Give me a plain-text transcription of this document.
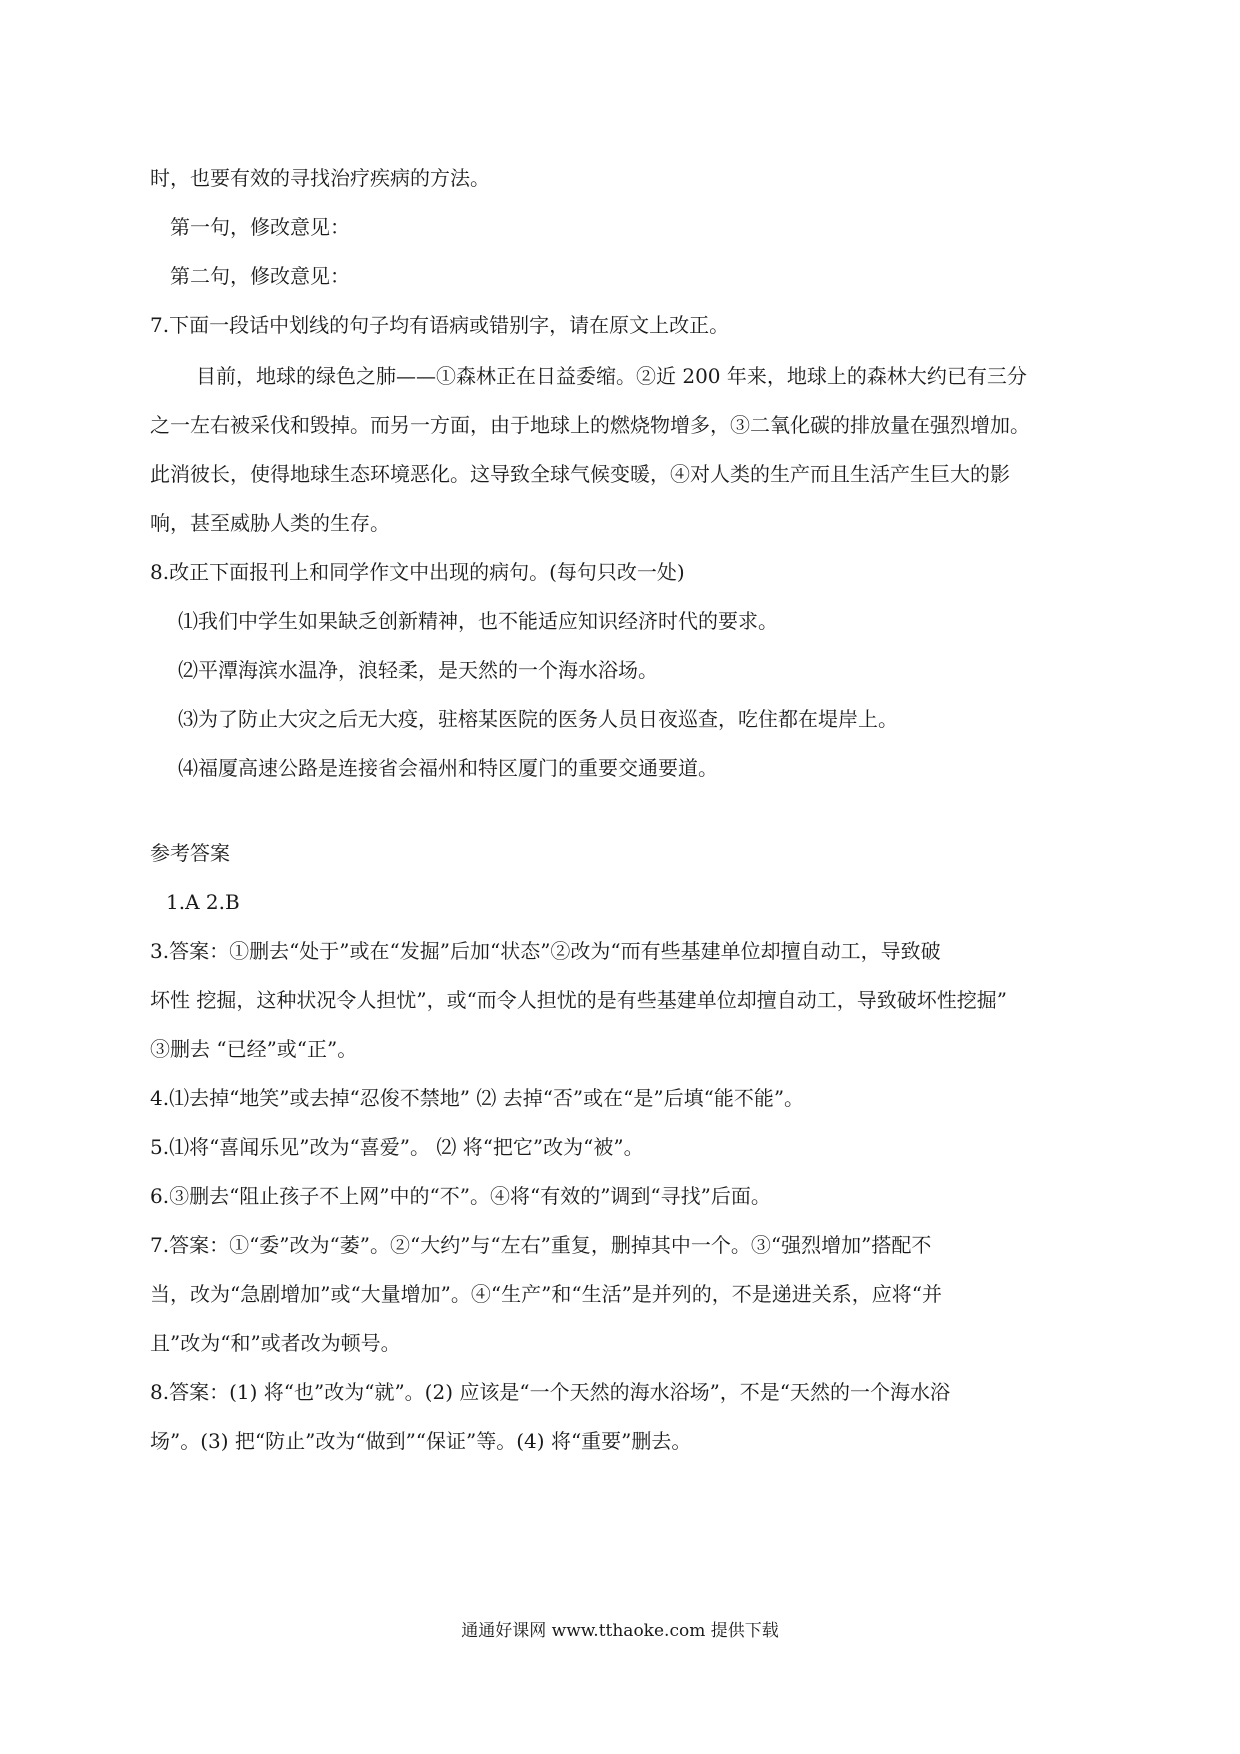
时，也要有效的寻找治疗疾病的方法。
第一句，修改意见：
第二句，修改意见：
7.下面一段话中划线的句子均有语病或错别字，请在原文上改正。
目前，地球的绿色之肺——①森林正在日益委缩。②近 200 年来，地球上的森林大约已有三分
之一左右被采伐和毁掉。而另一方面，由于地球上的燃烧物增多，③二氧化碳的排放量在强烈增加。
此消彼长，使得地球生态环境恶化。这导致全球气候变暖，④对人类的生产而且生活产生巨大的影
响，甚至威胁人类的生存。
8.改正下面报刊上和同学作文中出现的病句。(每句只改一处)
⑴我们中学生如果缺乏创新精神，也不能适应知识经济时代的要求。
⑵平潭海滨水温净，浪轻柔，是天然的一个海水浴场。
⑶为了防止大灾之后无大疫，驻榕某医院的医务人员日夜巡查，吃住都在堤岸上。
⑷福厦高速公路是连接省会福州和特区厦门的重要交通要道。
参考答案
1.A 2.B
3.答案：①删去“处于”或在“发掘”后加“状态”②改为“而有些基建单位却擅自动工，导致破
坏性 挖掘，这种状况令人担忧”，或“而令人担忧的是有些基建单位却擅自动工，导致破坏性挖掘”
③删去 “已经”或“正”。
4.⑴去掉“地笑”或去掉“忍俊不禁地” ⑵ 去掉“否”或在“是”后填“能不能”。
5.⑴将“喜闻乐见”改为“喜爱”。 ⑵ 将“把它”改为“被”。
6.③删去“阻止孩子不上网”中的“不”。④将“有效的”调到“寻找”后面。
7.答案：①“委”改为“萎”。②“大约”与“左右”重复，删掉其中一个。③“强烈增加”搭配不
当，改为“急剧增加”或“大量增加”。④“生产”和“生活”是并列的，不是递进关系，应将“并
且”改为“和”或者改为顿号。
8.答案：(1) 将“也”改为“就”。(2) 应该是“一个天然的海水浴场”，不是“天然的一个海水浴
场”。(3) 把“防止”改为“做到”“保证”等。(4) 将“重要”删去。
通通好课网 www.tthaoke.com 提供下载
